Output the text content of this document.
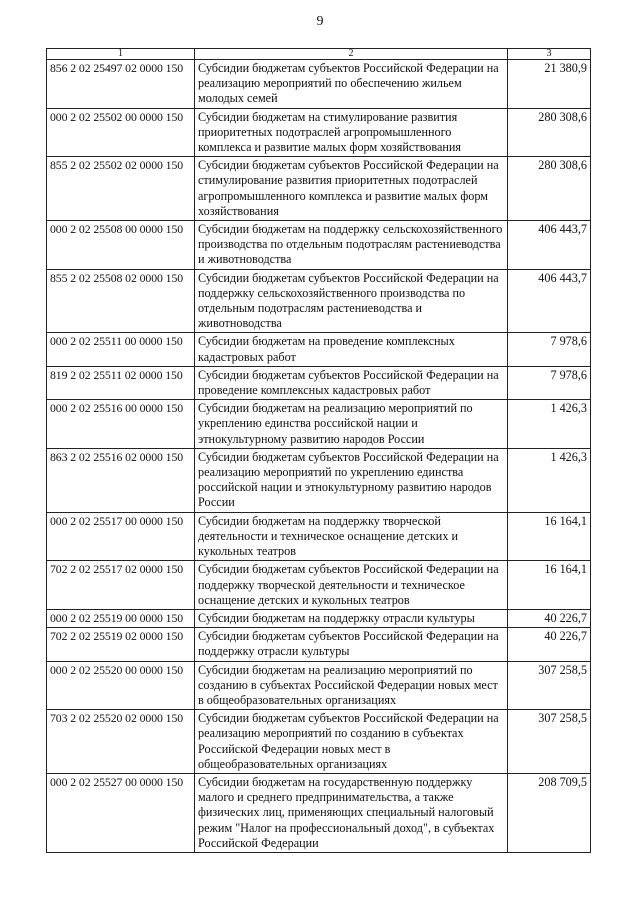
9
1	2	3
856 2 02 25497 02 0000 150	Субсидии бюджетам субъектов Российской Федерации на реализацию мероприятий по обеспечению жильем молодых семей	21 380,9
000 2 02 25502 00 0000 150	Субсидии бюджетам на стимулирование развития приоритетных подотраслей агропромышленного комплекса и развитие малых форм хозяйствования	280 308,6
855 2 02 25502 02 0000 150	Субсидии бюджетам субъектов Российской Федерации на стимулирование развития приоритетных подотраслей агропромышленного комплекса и развитие малых форм хозяйствования	280 308,6
000 2 02 25508 00 0000 150	Субсидии бюджетам на поддержку сельскохозяйственного производства по отдельным подотраслям растениеводства и животноводства	406 443,7
855 2 02 25508 02 0000 150	Субсидии бюджетам субъектов Российской Федерации на поддержку сельскохозяйственного производства по отдельным подотраслям растениеводства и животноводства	406 443,7
000 2 02 25511 00 0000 150	Субсидии бюджетам на проведение комплексных кадастровых работ	7 978,6
819 2 02 25511 02 0000 150	Субсидии бюджетам субъектов Российской Федерации на проведение комплексных кадастровых работ	7 978,6
000 2 02 25516 00 0000 150	Субсидии бюджетам на реализацию мероприятий по укреплению единства российской нации и этнокультурному развитию народов России	1 426,3
863 2 02 25516 02 0000 150	Субсидии бюджетам субъектов Российской Федерации на реализацию мероприятий по укреплению единства российской нации и этнокультурному развитию народов России	1 426,3
000 2 02 25517 00 0000 150	Субсидии бюджетам на поддержку творческой деятельности и техническое оснащение детских и кукольных театров	16 164,1
702 2 02 25517 02 0000 150	Субсидии бюджетам субъектов Российской Федерации на поддержку творческой деятельности и техническое оснащение детских и кукольных театров	16 164,1
000 2 02 25519 00 0000 150	Субсидии бюджетам на поддержку отрасли культуры	40 226,7
702 2 02 25519 02 0000 150	Субсидии бюджетам субъектов Российской Федерации на поддержку отрасли культуры	40 226,7
000 2 02 25520 00 0000 150	Субсидии бюджетам на реализацию мероприятий по созданию в субъектах Российской Федерации новых мест в общеобразовательных организациях	307 258,5
703 2 02 25520 02 0000 150	Субсидии бюджетам субъектов Российской Федерации на реализацию мероприятий по созданию в субъектах Российской Федерации новых мест в общеобразовательных организациях	307 258,5
000 2 02 25527 00 0000 150	Субсидии бюджетам на государственную поддержку малого и среднего предпринимательства, а также физических лиц, применяющих специальный налоговый режим "Налог на профессиональный доход", в субъектах Российской Федерации	208 709,5
